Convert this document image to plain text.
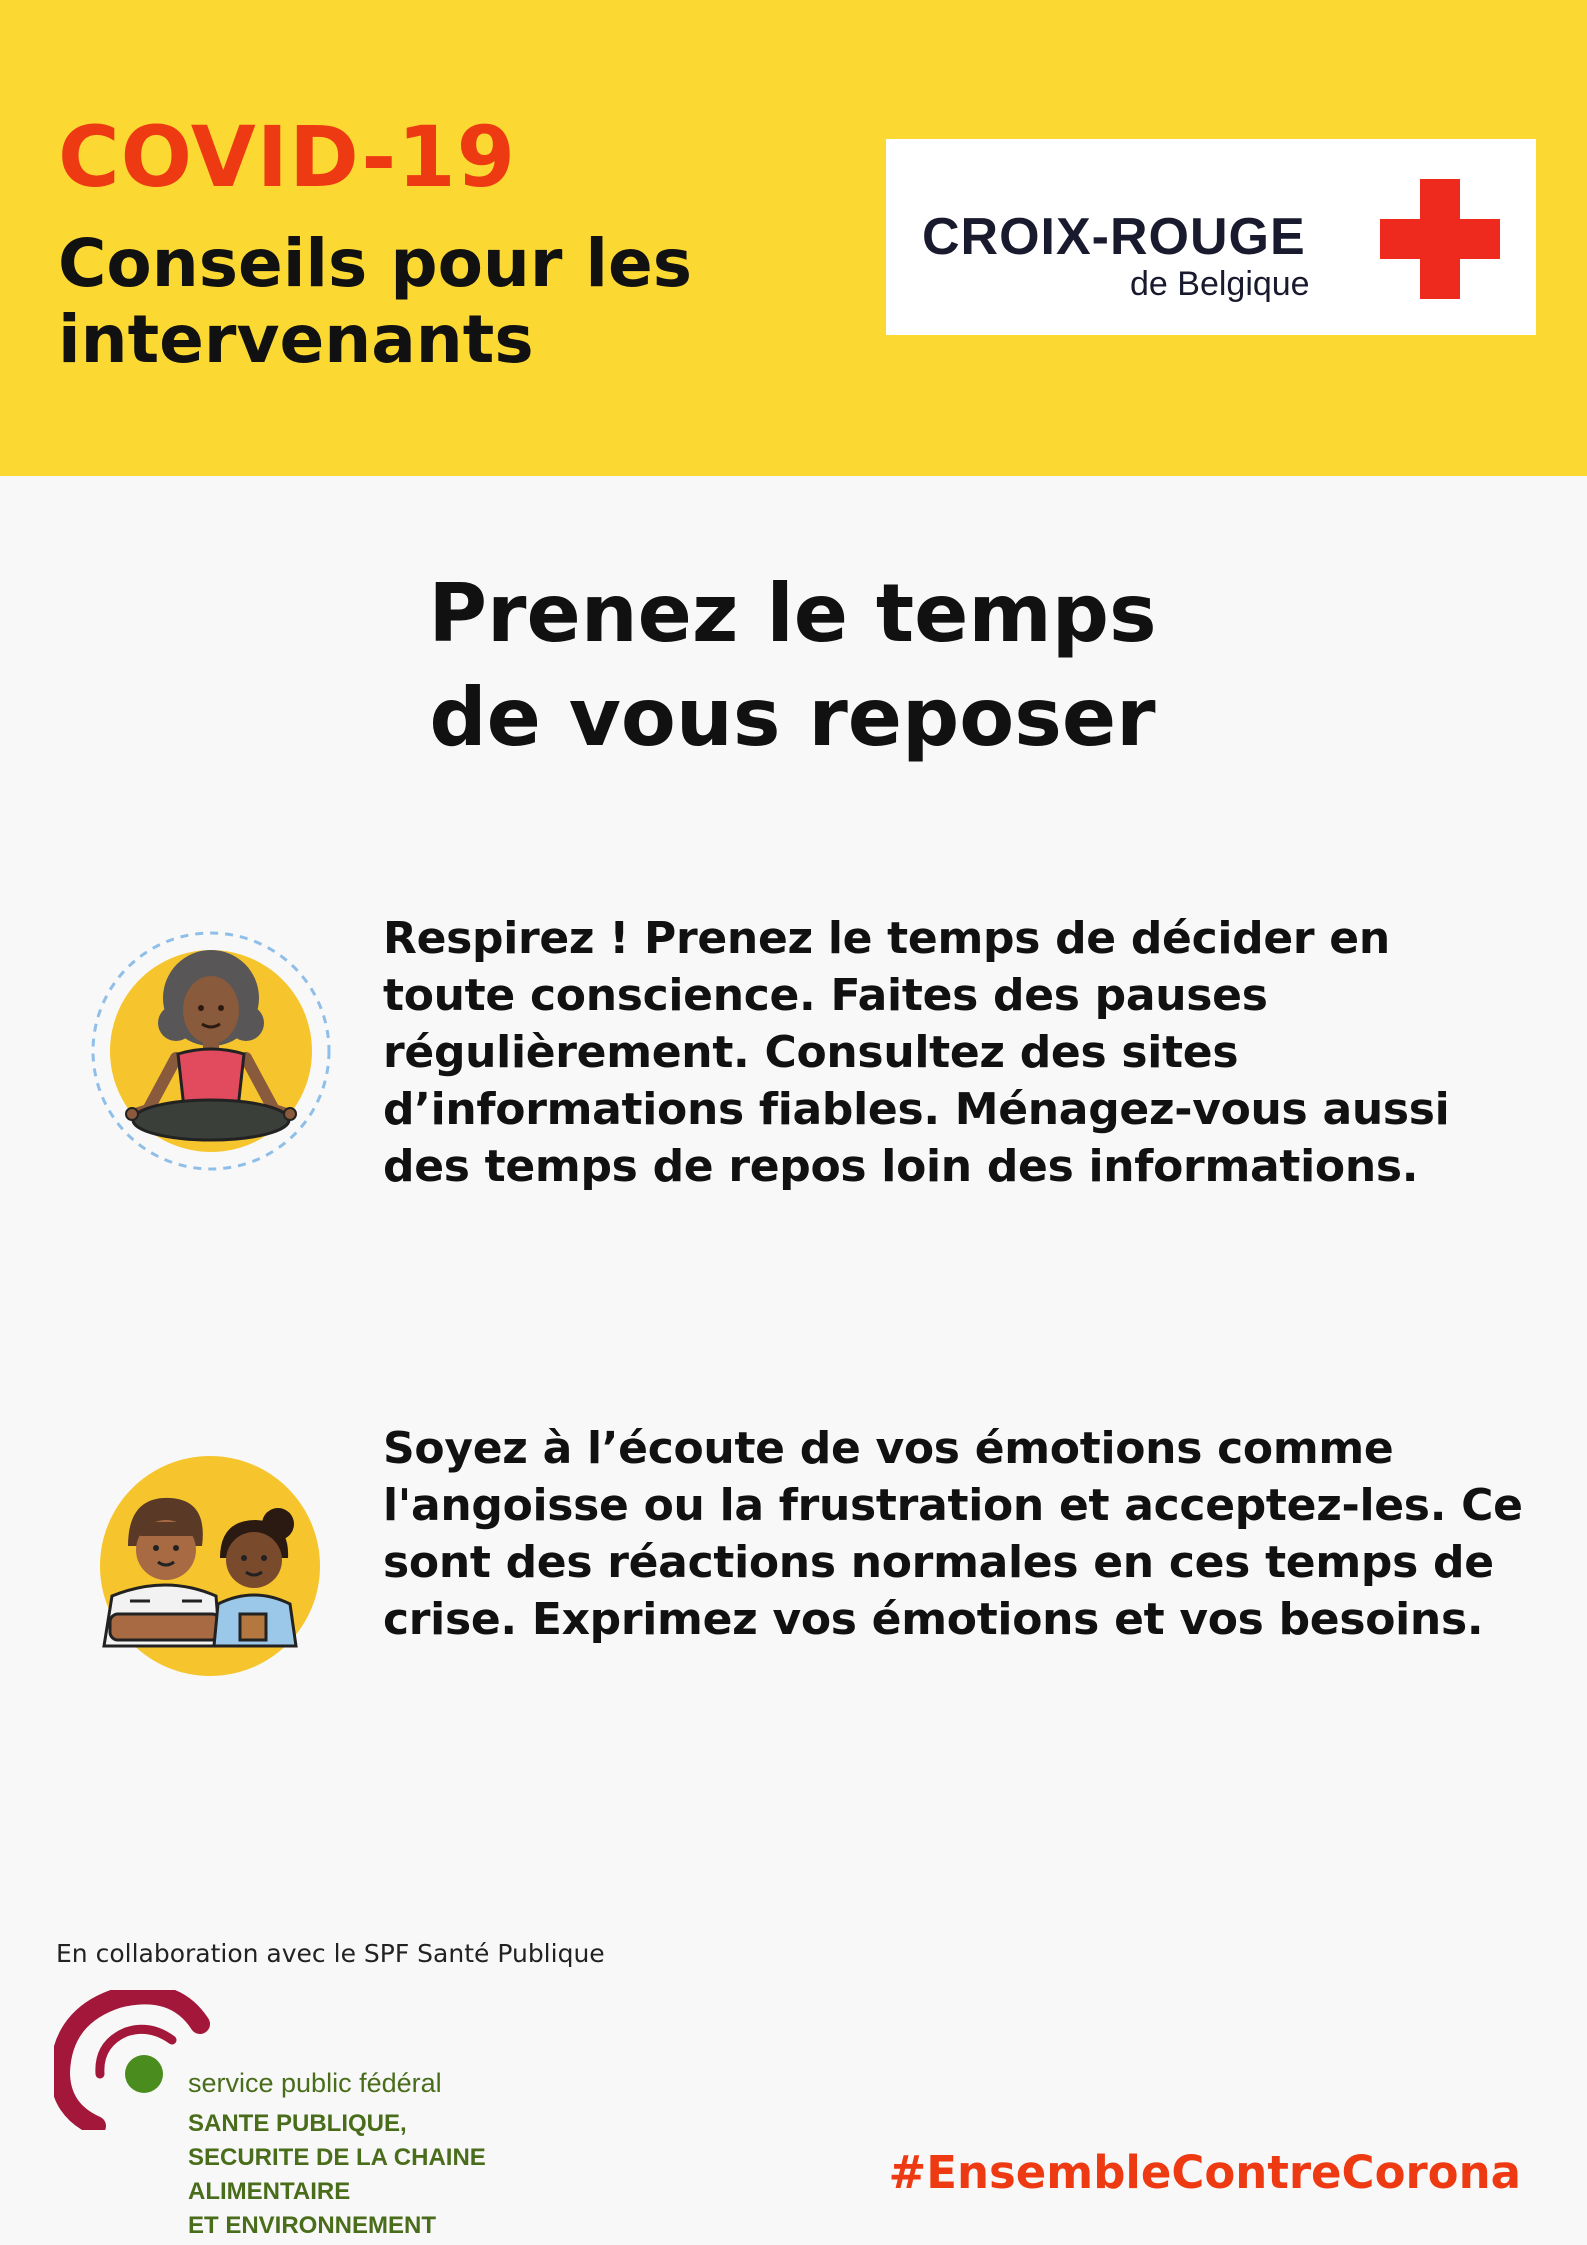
COVID-19
Conseils pour les intervenants
CROIX-ROUGE
de Belgique
Prenez le temps
de vous reposer
Respirez ! Prenez le temps de décider en toute conscience. Faites des pauses régulièrement. Consultez des sites d’informations fiables. Ménagez-vous aussi des temps de repos loin des informations.
Soyez à l’écoute de vos émotions comme l'angoisse ou la frustration et acceptez-les. Ce sont des réactions normales en ces temps de crise. Exprimez vos émotions et vos besoins.
En collaboration avec le SPF Santé Publique
service public fédéral
SANTE PUBLIQUE,
SECURITE DE LA CHAINE ALIMENTAIRE
ET ENVIRONNEMENT
#EnsembleContreCorona
